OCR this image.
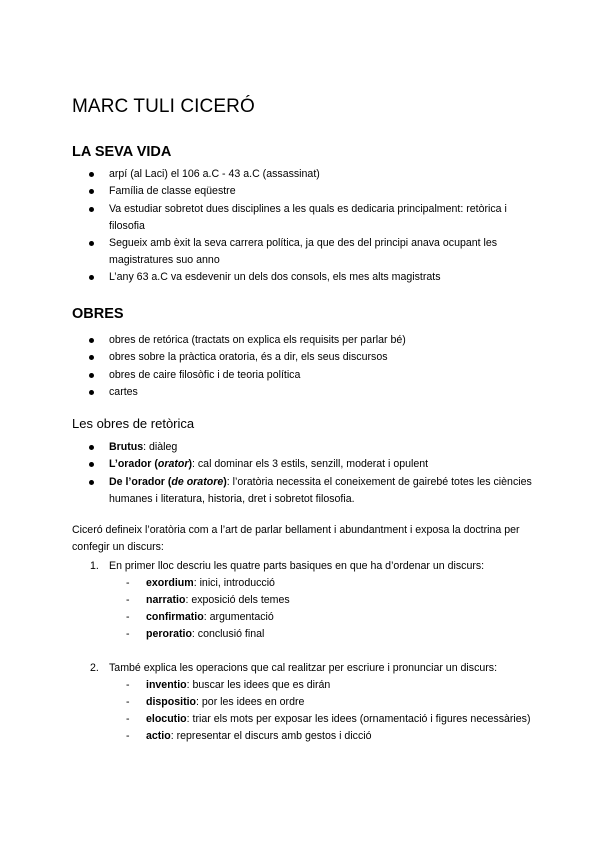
MARC TULI CICERÓ
LA SEVA VIDA
arpí (al Laci) el 106 a.C - 43 a.C (assassinat)
Família de classe eqüestre
Va estudiar sobretot dues disciplines a les quals es dedicaria principalment: retòrica i filosofia
Segueix amb èxit la seva carrera política, ja que des del principi anava ocupant les magistratures suo anno
L’any 63 a.C va esdevenir un dels dos consols, els mes alts magistrats
OBRES
obres de retórica (tractats on explica els requisits per parlar bé)
obres sobre la pràctica oratoria, és a dir, els seus discursos
obres de caire filosòfic i de teoria política
cartes
Les obres de retòrica
Brutus: diàleg
L’orador (orator): cal dominar els 3 estils, senzill, moderat i opulent
De l’orador (de oratore): l’oratòria necessita el coneixement de gairebé totes les ciències humanes i literatura, historia, dret i sobretot filosofia.

Ciceró defineix l’oratòria com a l’art de parlar bellament i abundantment i exposa la doctrina per confegir un discurs:

1. En primer lloc descriu les quatre parts basiques en que ha d’ordenar un discurs:
- exordium: inici, introducció
- narratio: exposició dels temes
- confirmatio: argumentació
- peroratio: conclusió final
2. També explica les operacions que cal realitzar per escriure i pronunciar un discurs:
- inventio: buscar les idees que es dirán
- dispositio: por les idees en ordre
- elocutio: triar els mots per exposar les idees (ornamentació i figures necessàries)
- actio: representar el discurs amb gestos i dicció
